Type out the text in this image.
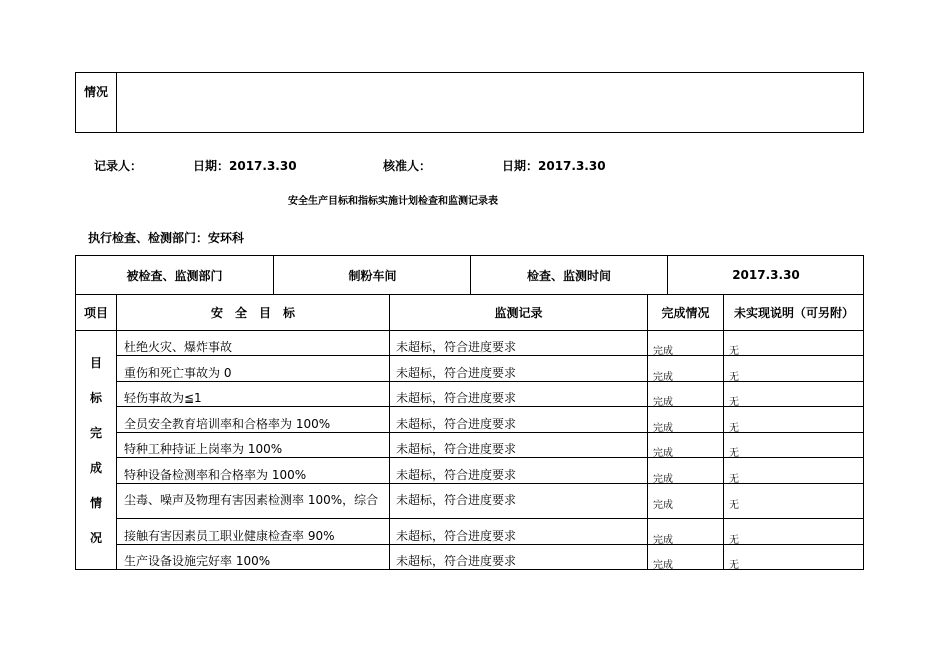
情况
记录人：	日期：2017.3.30	核准人：	日期：2017.3.30
安全生产目标和指标实施计划检查和监测记录表
执行检查、检测部门：安环科
被检查、监测部门	制粉车间	检查、监测时间	2017.3.30
项目	安　全　目　标	监测记录	完成情况	未实现说明（可另附）
目
标
完
成
情
况
杜绝火灾、爆炸事故	未超标，符合进度要求	完成	无
重伤和死亡事故为 0	未超标，符合进度要求	完成	无
轻伤事故为≦1	未超标，符合进度要求	完成	无
全员安全教育培训率和合格率为 100%	未超标，符合进度要求	完成	无
特种工种持证上岗率为 100%	未超标，符合进度要求	完成	无
特种设备检测率和合格率为 100%	未超标，符合进度要求	完成	无
尘毒、噪声及物理有害因素检测率 100%，综合 未超标，符合进度要求	完成	无
接触有害因素员工职业健康检查率 90%	未超标，符合进度要求	完成	无
生产设备设施完好率 100%	未超标，符合进度要求	完成	无
